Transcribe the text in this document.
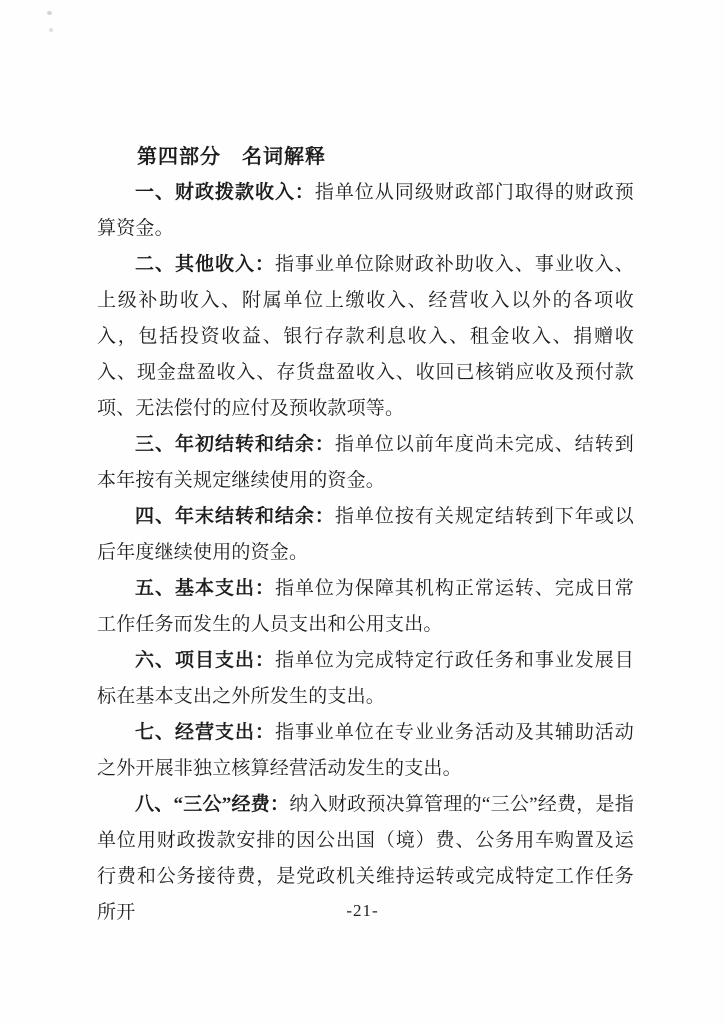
第四部分　名词解释

一、财政拨款收入：指单位从同级财政部门取得的财政预算资金。

二、其他收入：指事业单位除财政补助收入、事业收入、上级补助收入、附属单位上缴收入、经营收入以外的各项收入，包括投资收益、银行存款利息收入、租金收入、捐赠收入、现金盘盈收入、存货盘盈收入、收回已核销应收及预付款项、无法偿付的应付及预收款项等。

三、年初结转和结余：指单位以前年度尚未完成、结转到本年按有关规定继续使用的资金。

四、年末结转和结余：指单位按有关规定结转到下年或以后年度继续使用的资金。

五、基本支出：指单位为保障其机构正常运转、完成日常工作任务而发生的人员支出和公用支出。

六、项目支出：指单位为完成特定行政任务和事业发展目标在基本支出之外所发生的支出。

七、经营支出：指事业单位在专业业务活动及其辅助活动之外开展非独立核算经营活动发生的支出。

八、“三公”经费：纳入财政预决算管理的“三公”经费，是指单位用财政拨款安排的因公出国（境）费、公务用车购置及运行费和公务接待费，是党政机关维持运转或完成特定工作任务所开	-21-
